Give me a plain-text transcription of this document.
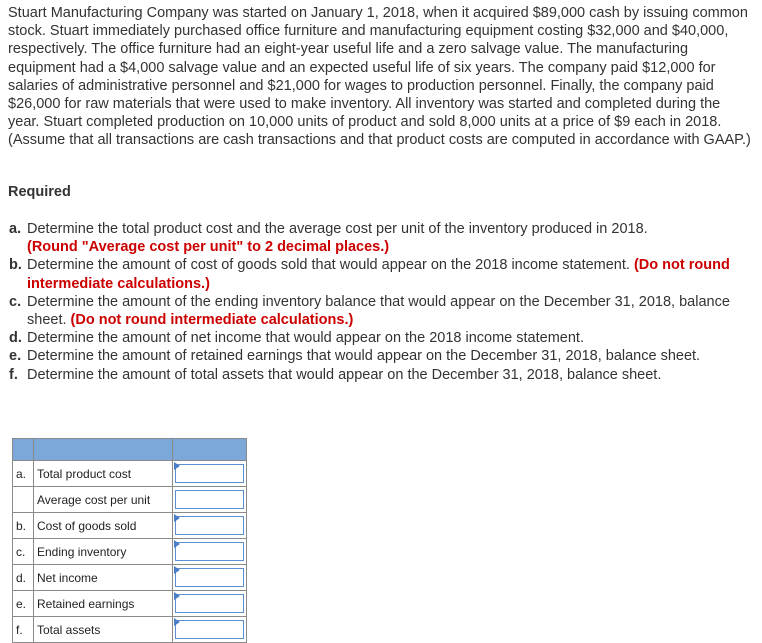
Stuart Manufacturing Company was started on January 1, 2018, when it acquired $89,000 cash by issuing common stock. Stuart immediately purchased office furniture and manufacturing equipment costing $32,000 and $40,000, respectively. The office furniture had an eight-year useful life and a zero salvage value. The manufacturing equipment had a $4,000 salvage value and an expected useful life of six years. The company paid $12,000 for salaries of administrative personnel and $21,000 for wages to production personnel. Finally, the company paid $26,000 for raw materials that were used to make inventory. All inventory was started and completed during the year. Stuart completed production on 10,000 units of product and sold 8,000 units at a price of $9 each in 2018. (Assume that all transactions are cash transactions and that product costs are computed in accordance with GAAP.)

Required

a. Determine the total product cost and the average cost per unit of the inventory produced in 2018.
(Round "Average cost per unit" to 2 decimal places.)
b. Determine the amount of cost of goods sold that would appear on the 2018 income statement. (Do not round intermediate calculations.)
c. Determine the amount of the ending inventory balance that would appear on the December 31, 2018, balance sheet. (Do not round intermediate calculations.)
d. Determine the amount of net income that would appear on the 2018 income statement.
e. Determine the amount of retained earnings that would appear on the December 31, 2018, balance sheet.
f. Determine the amount of total assets that would appear on the December 31, 2018, balance sheet.

a.	Total product cost	

	Average cost per unit	

b.	Cost of goods sold	

c.	Ending inventory	

d.	Net income	

e.	Retained earnings	

f.	Total assets	
